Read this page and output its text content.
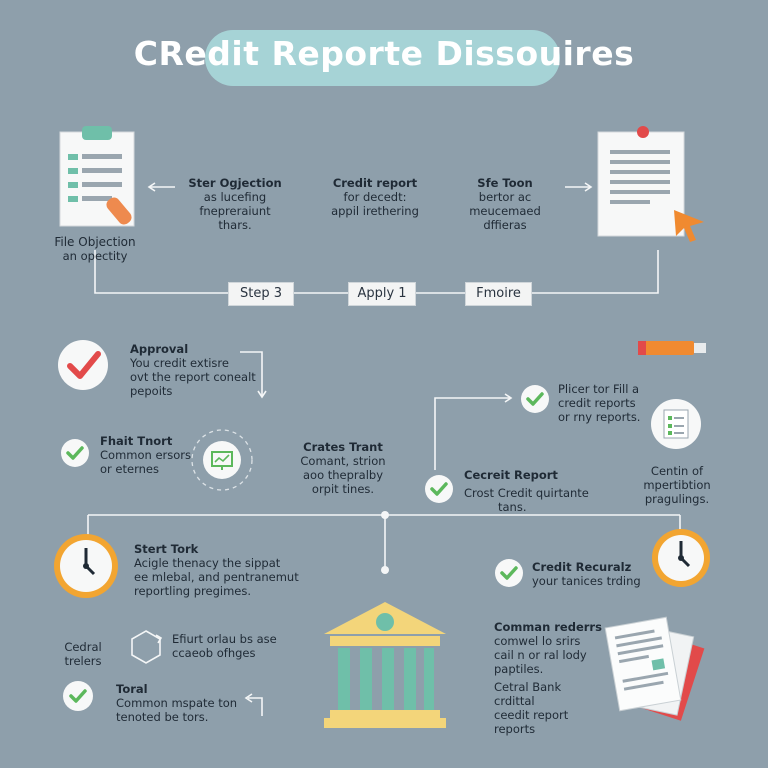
CRedit Reporte Dissouires
File Objection
an opectity
Ster Ogjection
as lucefing
fnepreraiunt
thars.
Credit report
for decedt:
appil irethering
Sfe Toon
bertor ac
meucemaed
dffieras
Step 3	Apply 1	Fmoire
Approval
You credit extisre
ovt the report conealt
pepoits
Fhait Tnort
Common ersors
or eternes
Crates Trant
Comant, strion
aoo thepralby
orpit tines.
Plicer tor Fill a
credit reports
or rny reports.
Cecreit Report
Crost Credit quirtante
tans.
Centin of
mpertibtion
pragulings.
Stert Tork
Acigle thenacy the sippat
ee mlebal, and pentranemut
reportling pregimes.
Credit Recuralz
your tanices trding
Cedral
trelers
Efiurt orlau bs ase
ccaeob ofhges
Toral
Common mspate ton
tenoted be tors.
Comman rederrs
comwel lo srirs
cail n or ral lody
paptiles.
Cetral Bank
crdittal
ceedit report
reports
